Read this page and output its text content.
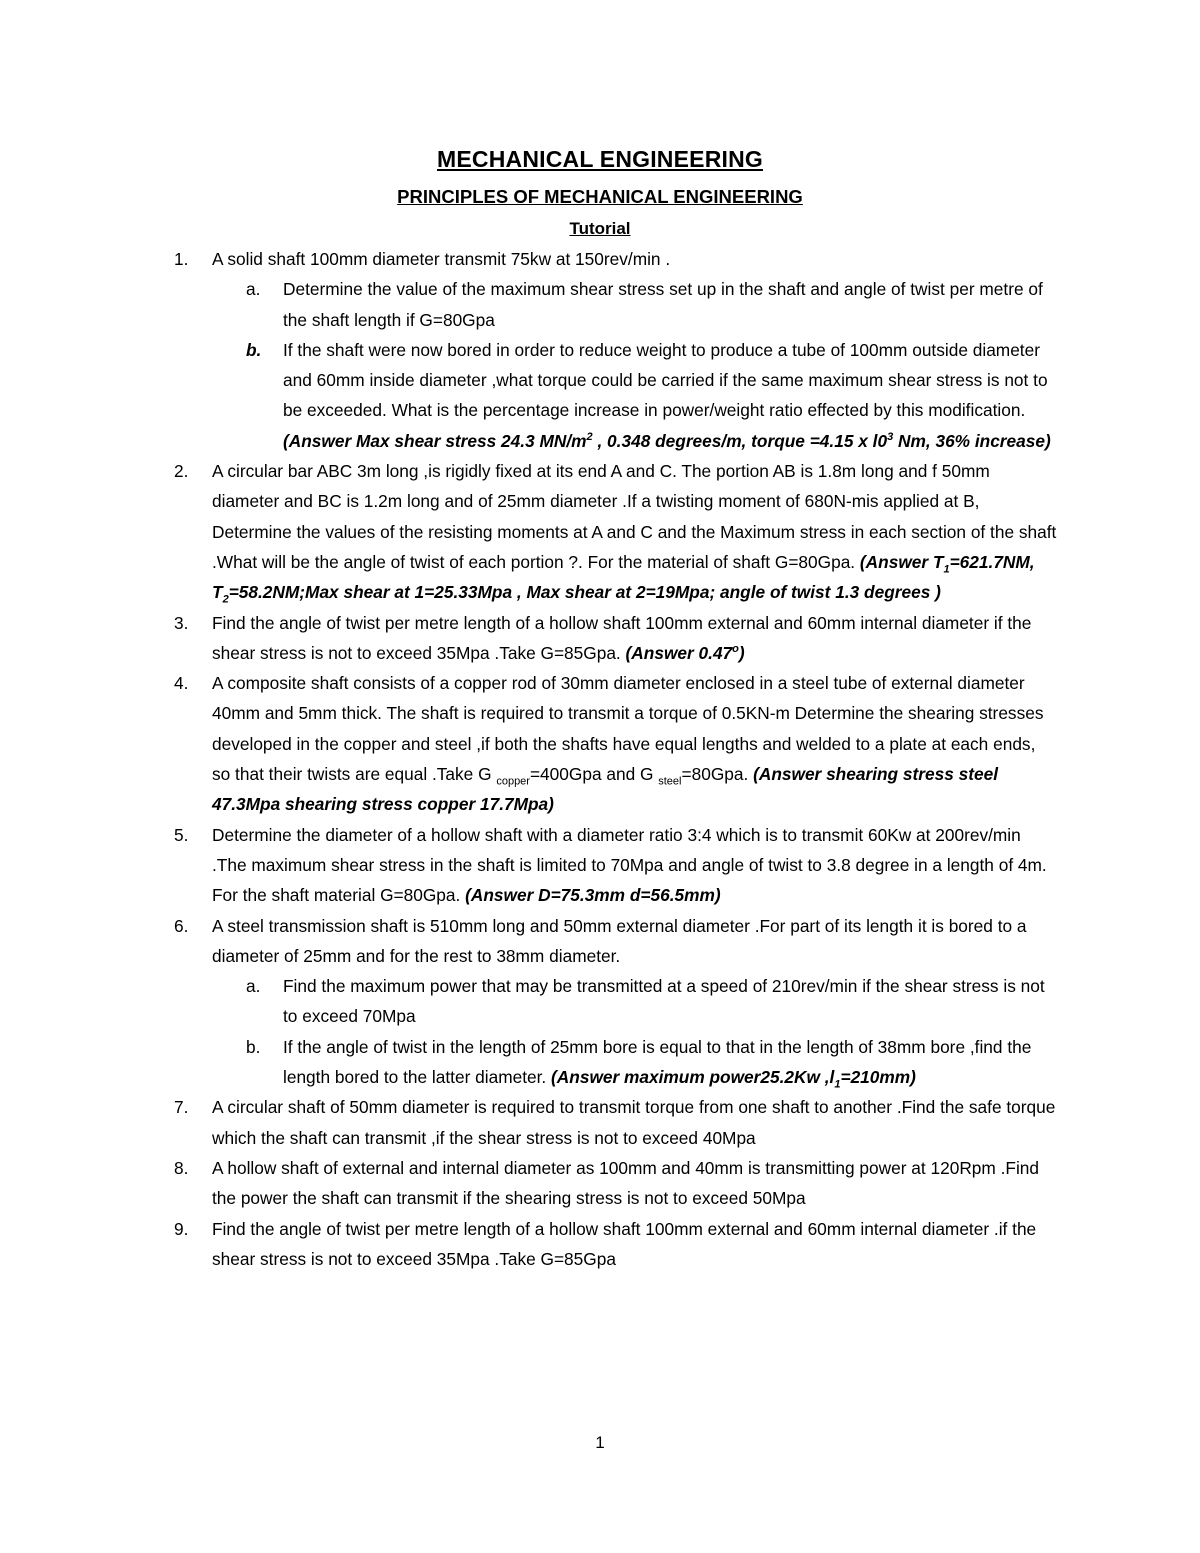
MECHANICAL ENGINEERING
PRINCIPLES OF MECHANICAL ENGINEERING
Tutorial
1.	A solid shaft 100mm diameter transmit 75kw at 150rev/min .
a.	Determine the value of the maximum shear stress set up in the shaft and angle of twist per metre of the shaft length if G=80Gpa
b.	If the shaft were now bored in order to reduce weight to produce a tube of 100mm outside diameter and 60mm inside diameter ,what torque could be carried if the same maximum shear stress is not to be exceeded. What is the percentage increase in power/weight ratio effected by this modification. (Answer Max shear stress 24.3 $MN/m^2$ , 0.348 degrees/m, torque =4.15 x $l0^3$ Nm, 36% increase)
2.	A circular bar ABC 3m long ,is rigidly fixed at its end A and C. The portion AB is 1.8m long and f 50mm diameter and BC is 1.2m long and of 25mm diameter .If a twisting moment of 680N-mis applied at B, Determine the values of the resisting moments at A and C and the Maximum stress in each section of the shaft .What will be the angle of twist of each portion ?. For the material of shaft G=80Gpa. (Answer $T_1=621.7NM$, $T_2=58.2NM;Max$ shear at 1=25.33Mpa , Max shear at 2=19Mpa; angle of twist 1.3 degrees )
3.	Find the angle of twist per metre length of a hollow shaft 100mm external and 60mm internal diameter if the shear stress is not to exceed 35Mpa .Take G=85Gpa. (Answer 0.47$^o$)
4.	A composite shaft consists of a copper rod of 30mm diameter enclosed in a steel tube of external diameter 40mm and 5mm thick. The shaft is required to transmit a torque of 0.5KN-m Determine the shearing stresses developed in the copper and steel ,if both the shafts have equal lengths and welded to a plate at each ends, so that their twists are equal .Take G $_{copper}$=400Gpa and G $_{steel}$=80Gpa. (Answer shearing stress steel 47.3Mpa shearing stress copper 17.7Mpa)
5.	Determine the diameter of a hollow shaft with a diameter ratio 3:4 which is to transmit 60Kw at 200rev/min .The maximum shear stress in the shaft is limited to 70Mpa and angle of twist to 3.8 degree in a length of 4m. For the shaft material G=80Gpa. (Answer D=75.3mm d=56.5mm)
6.	A steel transmission shaft is 510mm long and 50mm external diameter .For part of its length it is bored to a diameter of 25mm and for the rest to 38mm diameter.
a.	Find the maximum power that may be transmitted at a speed of 210rev/min if the shear stress is not to exceed 70Mpa
b.	If the angle of twist in the length of 25mm bore is equal to that in the length of 38mm bore ,find the length bored to the latter diameter. (Answer maximum power25.2Kw $,l_1=210mm$)
7.	A circular shaft of 50mm diameter is required to transmit torque from one shaft to another .Find the safe torque which the shaft can transmit ,if the shear stress is not to exceed 40Mpa
8.	A hollow shaft of external and internal diameter as 100mm and 40mm is transmitting power at 120Rpm .Find the power the shaft can transmit if the shearing stress is not to exceed 50Mpa
9.	Find the angle of twist per metre length of a hollow shaft 100mm external and 60mm internal diameter .if the shear stress is not to exceed 35Mpa .Take G=85Gpa
1
